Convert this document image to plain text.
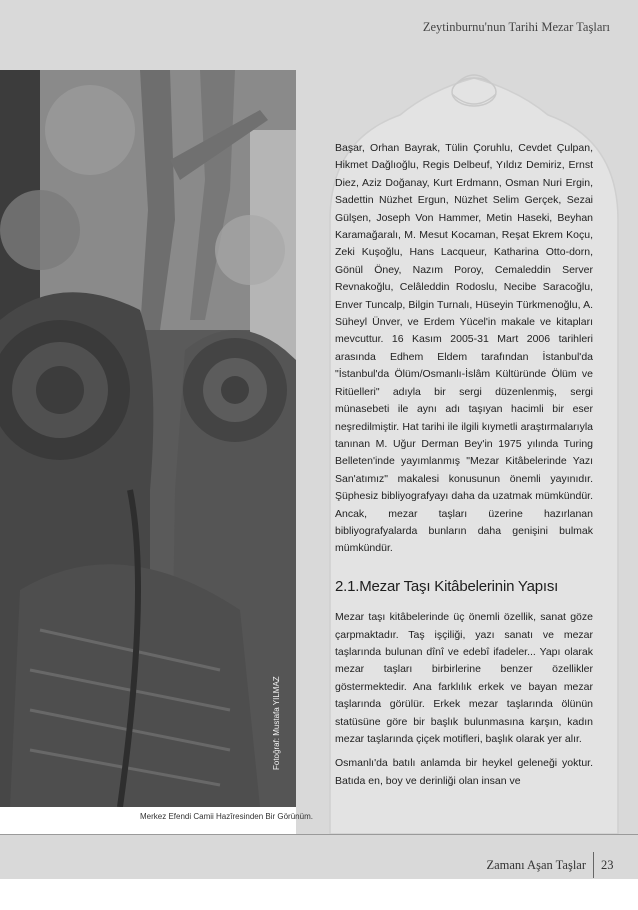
Zeytinburnu'nun Tarihi Mezar Taşları
Fotoğraf: Mustafa YILMAZ

Başar, Orhan Bayrak, Tülin Çoruhlu, Cevdet Çulpan, Hikmet Dağlıoğlu, Regis Delbeuf, Yıldız Demiriz, Ernst Diez, Aziz Doğanay, Kurt Erdmann, Osman Nuri Ergin, Sadettin Nüzhet Ergun, Nüzhet Selim Gerçek, Sezai Gülşen, Joseph Von Hammer, Metin Haseki, Beyhan Karamağaralı, M. Mesut Kocaman, Reşat Ekrem Koçu, Zeki Kuşoğlu, Hans Lacqueur, Katharina Otto-dorn, Gönül Öney, Nazım Poroy, Cemaleddin Server Revnakoğlu, Celâleddin Rodoslu, Necibe Saracoğlu, Enver Tuncalp, Bilgin Turnalı, Hüseyin Türkmenoğlu, A. Süheyl Ünver, ve Erdem Yücel'in makale ve kitapları mevcuttur. 16 Kasım 2005-31 Mart 2006 tarihleri arasında Edhem Eldem tarafından İstanbul'da "İstanbul'da Ölüm/Osmanlı-İslâm Kültüründe Ölüm ve Ritüelleri" adıyla bir sergi düzenlenmiş, sergi münasebeti ile aynı adı taşıyan hacimli bir eser neşredilmiştir. Hat tarihi ile ilgili kıymetli araştırmalarıyla tanınan M. Uğur Derman Bey'in 1975 yılında Turing Belleten'inde yayımlanmış "Mezar Kitâbelerinde Yazı San'atımız" makalesi konusunun önemli yayınıdır. Şüphesiz bibliyografyayı daha da uzatmak mümkündür. Ancak, mezar taşları üzerine hazırlanan bibliyografyalarda bunların daha genişini bulmak mümkündür.

2.1.Mezar Taşı Kitâbelerinin Yapısı

Mezar taşı kitâbelerinde üç önemli özellik, sanat göze çarpmaktadır. Taş işçiliği, yazı sanatı ve mezar taşlarında bulunan dînî ve edebî ifadeler... Yapı olarak mezar taşları birbirlerine benzer özellikler göstermektedir. Ana farklılık erkek ve bayan mezar taşlarında görülür. Erkek mezar taşlarında ölünün statüsüne göre bir başlık bulunmasına karşın, kadın mezar taşlarında çiçek motifleri, başlık olarak yer alır.

Osmanlı'da batılı anlamda bir heykel geleneği yoktur. Batıda en, boy ve derinliği olan insan ve

Merkez Efendi Camii Hazîresinden Bir Görünüm.
Zamanı Aşan Taşlar 23
